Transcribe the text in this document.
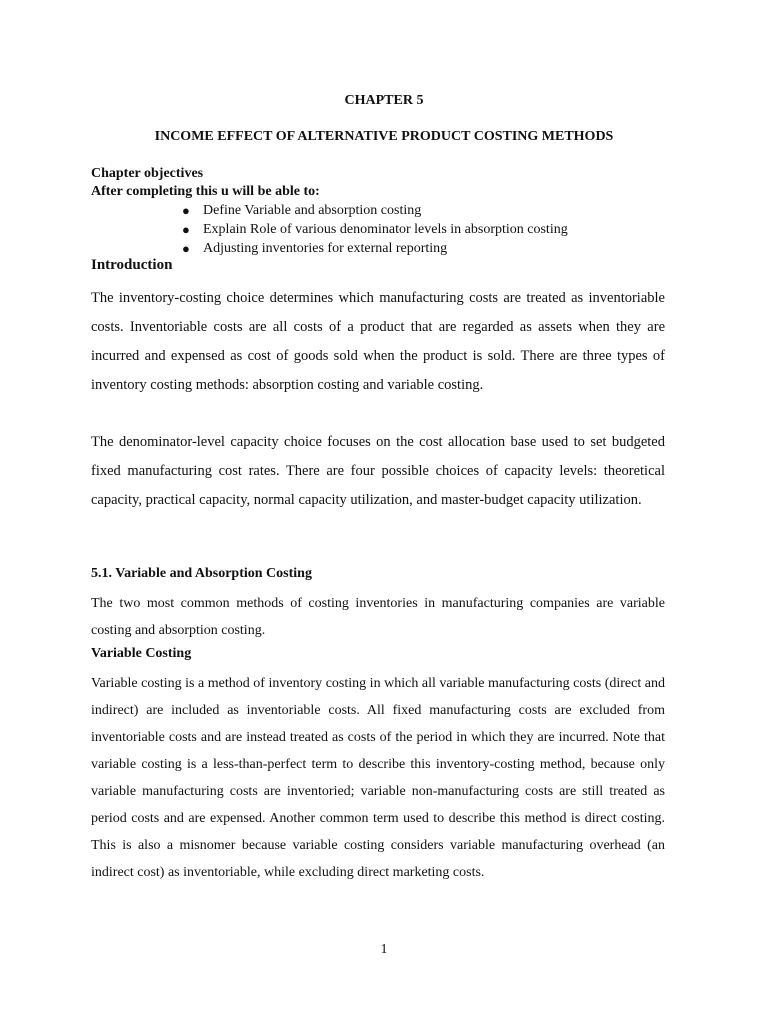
CHAPTER 5
INCOME EFFECT OF ALTERNATIVE PRODUCT COSTING METHODS
Chapter objectives
After completing this u will be able to:
● Define Variable and absorption costing
● Explain Role of various denominator levels in absorption costing
● Adjusting inventories for external reporting
Introduction

The inventory-costing choice determines which manufacturing costs are treated as inventoriable costs. Inventoriable costs are all costs of a product that are regarded as assets when they are incurred and expensed as cost of goods sold when the product is sold. There are three types of inventory costing methods: absorption costing and variable costing.

The denominator-level capacity choice focuses on the cost allocation base used to set budgeted fixed manufacturing cost rates. There are four possible choices of capacity levels: theoretical capacity, practical capacity, normal capacity utilization, and master-budget capacity utilization.

5.1. Variable and Absorption Costing

The two most common methods of costing inventories in manufacturing companies are variable costing and absorption costing.

Variable Costing

Variable costing is a method of inventory costing in which all variable manufacturing costs (direct and indirect) are included as inventoriable costs. All fixed manufacturing costs are excluded from inventoriable costs and are instead treated as costs of the period in which they are incurred. Note that variable costing is a less-than-perfect term to describe this inventory-costing method, because only variable manufacturing costs are inventoried; variable non-manufacturing costs are still treated as period costs and are expensed. Another common term used to describe this method is direct costing. This is also a misnomer because variable costing considers variable manufacturing overhead (an indirect cost) as inventoriable, while excluding direct marketing costs.

1
